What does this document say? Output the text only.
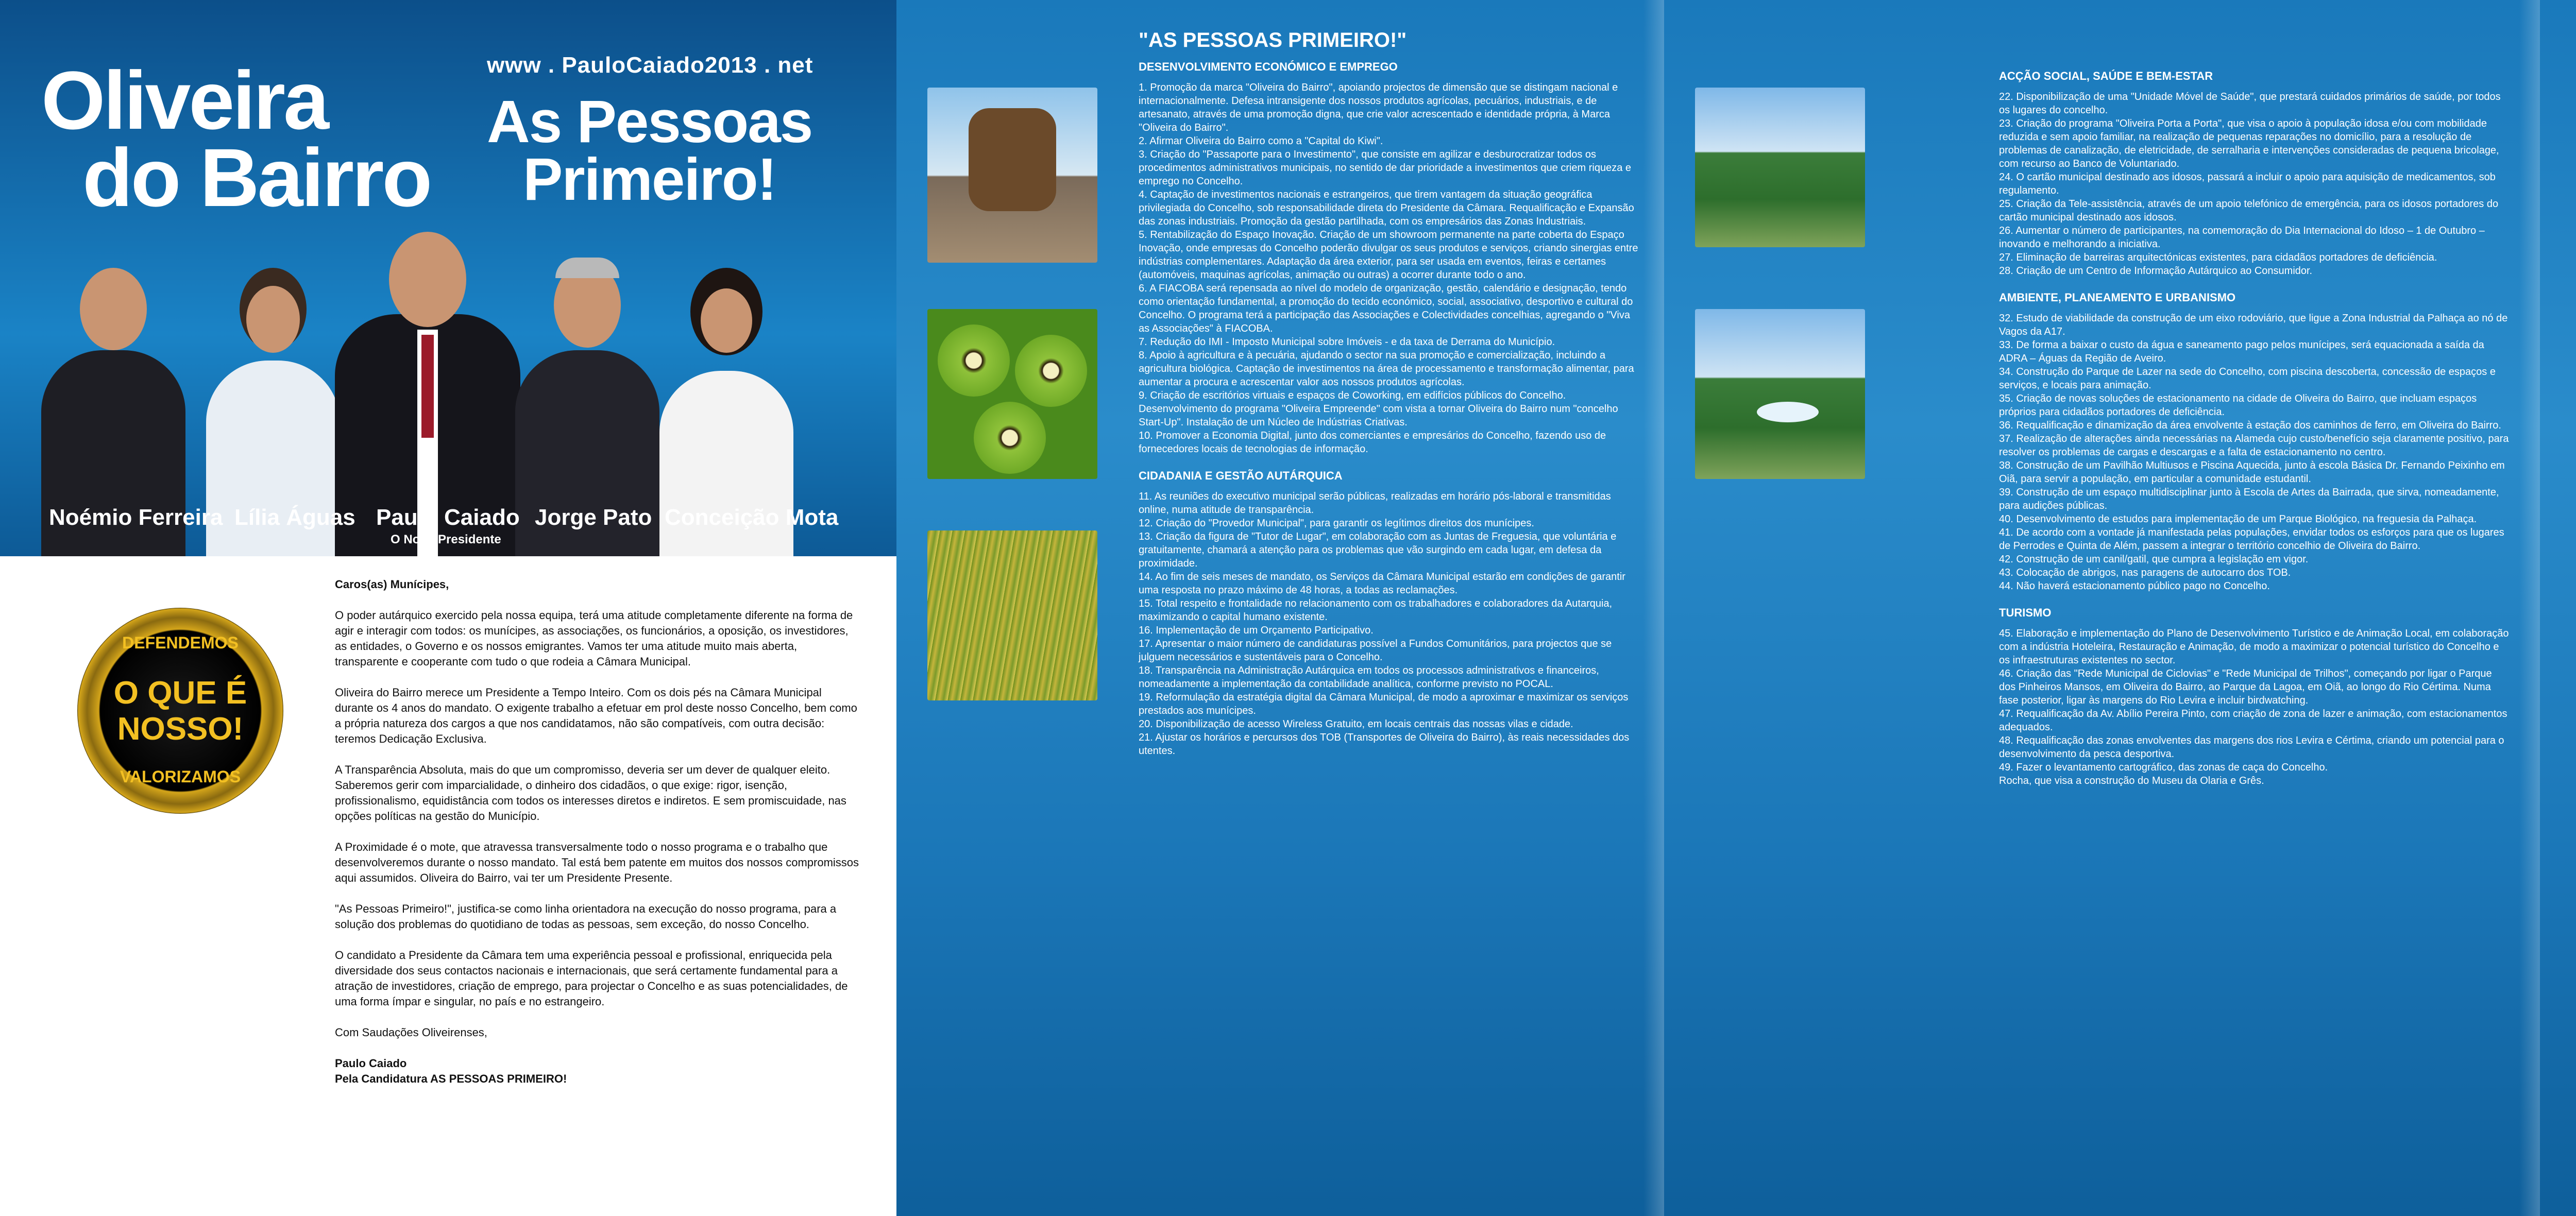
www . PauloCaiado2013 . net
Oliveira
do Bairro
As Pessoas
Primeiro!
Noémio Ferreira Lília Águas Paulo Caiado
O Novo Presidente
Jorge Pato Conceição Mota
DEFENDEMOS
O QUE É
NOSSO!
VALORIZAMOS

Caros(as) Munícipes,

O poder autárquico exercido pela nossa equipa, terá uma atitude completamente diferente na forma de agir e interagir com todos: os munícipes, as associações, os funcionários, a oposição, os investidores, as entidades, o Governo e os nossos emigrantes. Vamos ter uma atitude muito mais aberta, transparente e cooperante com tudo o que rodeia a Câmara Municipal.

Oliveira do Bairro merece um Presidente a Tempo Inteiro. Com os dois pés na Câmara Municipal durante os 4 anos do mandato. O exigente trabalho a efetuar em prol deste nosso Concelho, bem como a própria natureza dos cargos a que nos candidatamos, não são compatíveis, com outra decisão: teremos Dedicação Exclusiva.

A Transparência Absoluta, mais do que um compromisso, deveria ser um dever de qualquer eleito. Saberemos gerir com imparcialidade, o dinheiro dos cidadãos, o que exige: rigor, isenção, profissionalismo, equidistância com todos os interesses diretos e indiretos. E sem promiscuidade, nas opções políticas na gestão do Município.

A Proximidade é o mote, que atravessa transversalmente todo o nosso programa e o trabalho que desenvolveremos durante o nosso mandato. Tal está bem patente em muitos dos nossos compromissos aqui assumidos. Oliveira do Bairro, vai ter um Presidente Presente.

"As Pessoas Primeiro!", justifica-se como linha orientadora na execução do nosso programa, para a solução dos problemas do quotidiano de todas as pessoas, sem exceção, do nosso Concelho.

O candidato a Presidente da Câmara tem uma experiência pessoal e profissional, enriquecida pela diversidade dos seus contactos nacionais e internacionais, que será certamente fundamental para a atração de investidores, criação de emprego, para projectar o Concelho e as suas potencialidades, de uma forma ímpar e singular, no país e no estrangeiro.

Com Saudações Oliveirenses,

Paulo Caiado
Pela Candidatura AS PESSOAS PRIMEIRO!
"AS PESSOAS PRIMEIRO!"
DESENVOLVIMENTO ECONÓMICO E EMPREGO

1. Promoção da marca "Oliveira do Bairro", apoiando projectos de dimensão que se distingam nacional e internacionalmente. Defesa intransigente dos nossos produtos agrícolas, pecuários, industriais, e de artesanato, através de uma promoção digna, que crie valor acrescentado e identidade própria, à Marca "Oliveira do Bairro".

2. Afirmar Oliveira do Bairro como a "Capital do Kiwi".

3. Criação do "Passaporte para o Investimento", que consiste em agilizar e desburocratizar todos os procedimentos administrativos municipais, no sentido de dar prioridade a investimentos que criem riqueza e emprego no Concelho.

4. Captação de investimentos nacionais e estrangeiros, que tirem vantagem da situação geográfica privilegiada do Concelho, sob responsabilidade direta do Presidente da Câmara. Requalificação e Expansão das zonas industriais. Promoção da gestão partilhada, com os empresários das Zonas Industriais.

5. Rentabilização do Espaço Inovação. Criação de um showroom permanente na parte coberta do Espaço Inovação, onde empresas do Concelho poderão divulgar os seus produtos e serviços, criando sinergias entre indústrias complementares. Adaptação da área exterior, para ser usada em eventos, feiras e certames (automóveis, maquinas agrícolas, animação ou outras) a ocorrer durante todo o ano.

6. A FIACOBA será repensada ao nível do modelo de organização, gestão, calendário e designação, tendo como orientação fundamental, a promoção do tecido económico, social, associativo, desportivo e cultural do Concelho. O programa terá a participação das Associações e Colectividades concelhias, agregando o "Viva as Associações" à FIACOBA.

7. Redução do IMI - Imposto Municipal sobre Imóveis - e da taxa de Derrama do Município.

8. Apoio à agricultura e à pecuária, ajudando o sector na sua promoção e comercialização, incluindo a agricultura biológica. Captação de investimentos na área de processamento e transformação alimentar, para aumentar a procura e acrescentar valor aos nossos produtos agrícolas.

9. Criação de escritórios virtuais e espaços de Coworking, em edifícios públicos do Concelho. Desenvolvimento do programa "Oliveira Empreende" com vista a tornar Oliveira do Bairro num "concelho Start-Up". Instalação de um Núcleo de Indústrias Criativas.

10. Promover a Economia Digital, junto dos comerciantes e empresários do Concelho, fazendo uso de fornecedores locais de tecnologias de informação.

CIDADANIA E GESTÃO AUTÁRQUICA

11. As reuniões do executivo municipal serão públicas, realizadas em horário pós-laboral e transmitidas online, numa atitude de transparência.

12. Criação do "Provedor Municipal", para garantir os legítimos direitos dos munícipes.

13. Criação da figura de "Tutor de Lugar", em colaboração com as Juntas de Freguesia, que voluntária e gratuitamente, chamará a atenção para os problemas que vão surgindo em cada lugar, em defesa da proximidade.

14. Ao fim de seis meses de mandato, os Serviços da Câmara Municipal estarão em condições de garantir uma resposta no prazo máximo de 48 horas, a todas as reclamações.

15. Total respeito e frontalidade no relacionamento com os trabalhadores e colaboradores da Autarquia, maximizando o capital humano existente.

16. Implementação de um Orçamento Participativo.

17. Apresentar o maior número de candidaturas possível a Fundos Comunitários, para projectos que se julguem necessários e sustentáveis para o Concelho.

18. Transparência na Administração Autárquica em todos os processos administrativos e financeiros, nomeadamente a implementação da contabilidade analítica, conforme previsto no POCAL.

19. Reformulação da estratégia digital da Câmara Municipal, de modo a aproximar e maximizar os serviços prestados aos munícipes.

20. Disponibilização de acesso Wireless Gratuito, em locais centrais das nossas vilas e cidade.

21. Ajustar os horários e percursos dos TOB (Transportes de Oliveira do Bairro), às reais necessidades dos utentes.

ACÇÃO SOCIAL, SAÚDE E BEM-ESTAR

22. Disponibilização de uma "Unidade Móvel de Saúde", que prestará cuidados primários de saúde, por todos os lugares do concelho.

23. Criação do programa "Oliveira Porta a Porta", que visa o apoio à população idosa e/ou com mobilidade reduzida e sem apoio familiar, na realização de pequenas reparações no domicílio, para a resolução de problemas de canalização, de eletricidade, de serralharia e intervenções consideradas de pequena bricolage, com recurso ao Banco de Voluntariado.

24. O cartão municipal destinado aos idosos, passará a incluir o apoio para aquisição de medicamentos, sob regulamento.

25. Criação da Tele-assistência, através de um apoio telefónico de emergência, para os idosos portadores do cartão municipal destinado aos idosos.

26. Aumentar o número de participantes, na comemoração do Dia Internacional do Idoso – 1 de Outubro – inovando e melhorando a iniciativa.

27. Eliminação de barreiras arquitectónicas existentes, para cidadãos portadores de deficiência.

28. Criação de um Centro de Informação Autárquico ao Consumidor.

AMBIENTE, PLANEAMENTO E URBANISMO

32. Estudo de viabilidade da construção de um eixo rodoviário, que ligue a Zona Industrial da Palhaça ao nó de Vagos da A17.

33. De forma a baixar o custo da água e saneamento pago pelos munícipes, será equacionada a saída da ADRA – Águas da Região de Aveiro.

34. Construção do Parque de Lazer na sede do Concelho, com piscina descoberta, concessão de espaços e serviços, e locais para animação.

35. Criação de novas soluções de estacionamento na cidade de Oliveira do Bairro, que incluam espaços próprios para cidadãos portadores de deficiência.

36. Requalificação e dinamização da área envolvente à estação dos caminhos de ferro, em Oliveira do Bairro.

37. Realização de alterações ainda necessárias na Alameda cujo custo/benefício seja claramente positivo, para resolver os problemas de cargas e descargas e a falta de estacionamento no centro.

38. Construção de um Pavilhão Multiusos e Piscina Aquecida, junto à escola Básica Dr. Fernando Peixinho em Oiã, para servir a população, em particular a comunidade estudantil.

39. Construção de um espaço multidisciplinar junto à Escola de Artes da Bairrada, que sirva, nomeadamente, para audições públicas.

40. Desenvolvimento de estudos para implementação de um Parque Biológico, na freguesia da Palhaça.

41. De acordo com a vontade já manifestada pelas populações, envidar todos os esforços para que os lugares de Perrodes e Quinta de Além, passem a integrar o território concelhio de Oliveira do Bairro.

42. Construção de um canil/gatil, que cumpra a legislação em vigor.

43. Colocação de abrigos, nas paragens de autocarro dos TOB.

44. Não haverá estacionamento público pago no Concelho.

TURISMO

45. Elaboração e implementação do Plano de Desenvolvimento Turístico e de Animação Local, em colaboração com a indústria Hoteleira, Restauração e Animação, de modo a maximizar o potencial turístico do Concelho e os infraestruturas existentes no sector.

46. Criação das "Rede Municipal de Ciclovias" e "Rede Municipal de Trilhos", começando por ligar o Parque dos Pinheiros Mansos, em Oliveira do Bairro, ao Parque da Lagoa, em Oiã, ao longo do Rio Cértima. Numa fase posterior, ligar às margens do Rio Levira e incluir birdwatching.

47. Requalificação da Av. Abílio Pereira Pinto, com criação de zona de lazer e animação, com estacionamentos adequados.

48. Requalificação das zonas envolventes das margens dos rios Levira e Cértima, criando um potencial para o desenvolvimento da pesca desportiva.

49. Fazer o levantamento cartográfico, das zonas de caça do Concelho.

Rocha, que visa a construção do Museu da Olaria e Grês.
